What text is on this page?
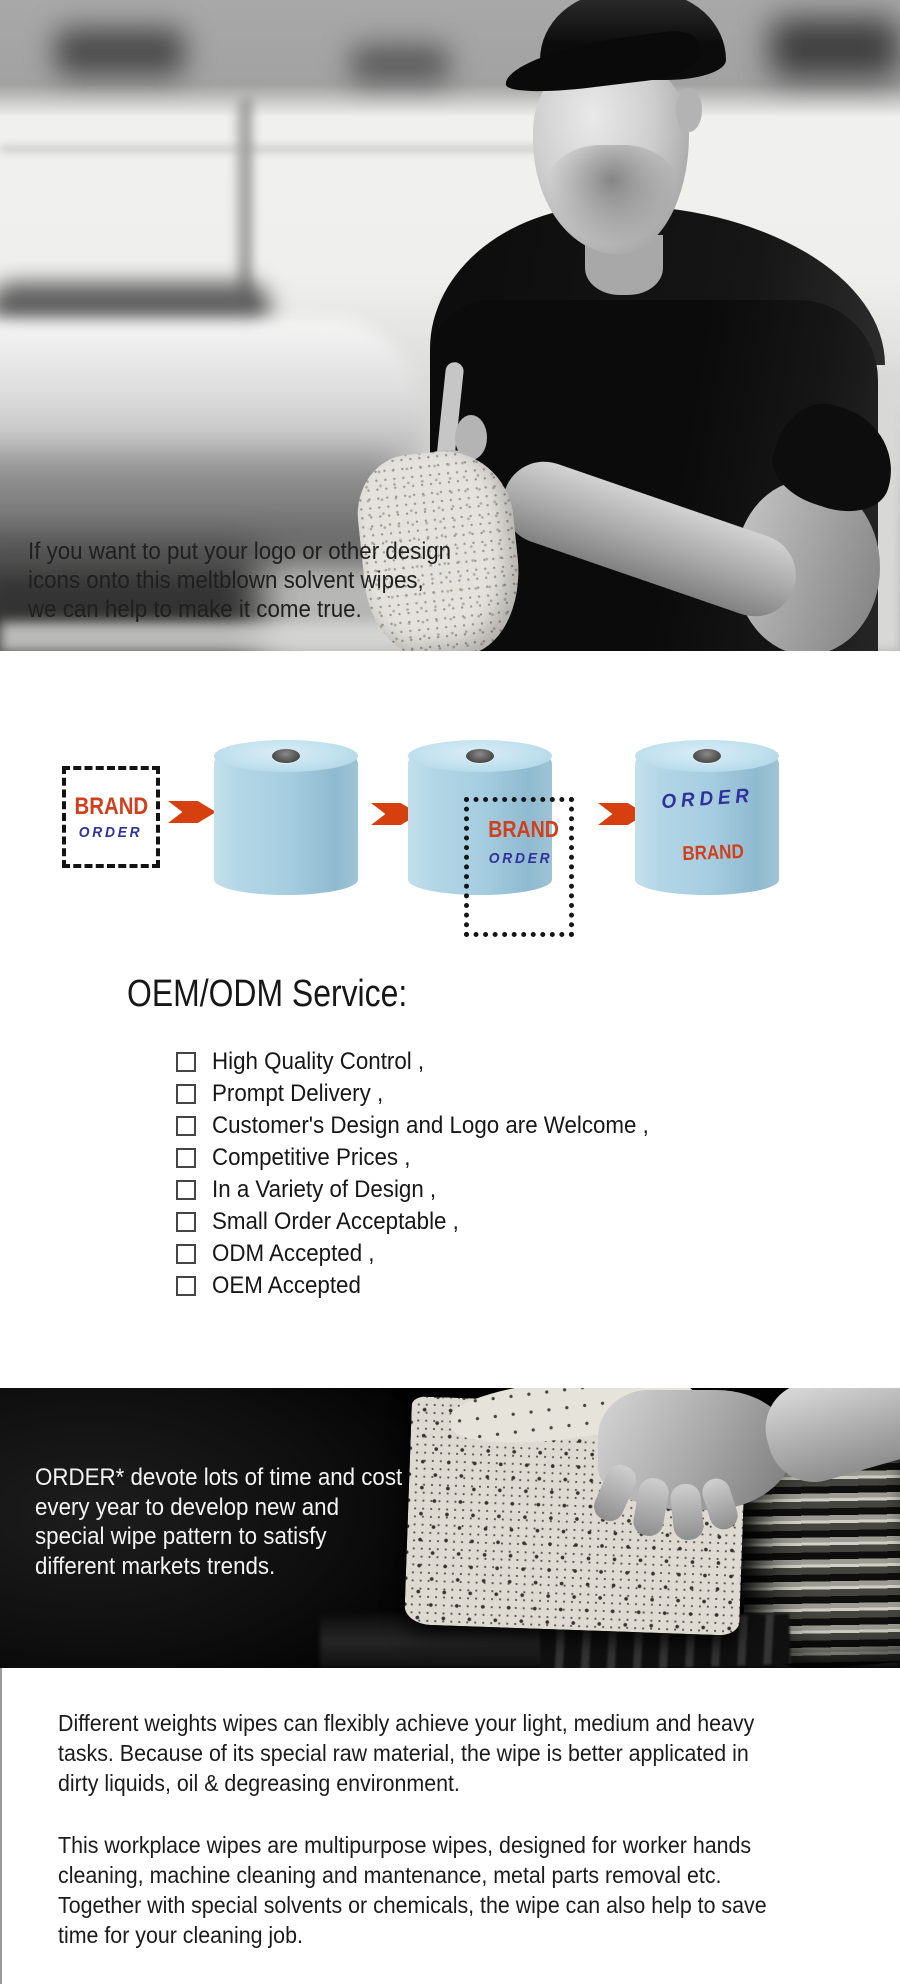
If you want to put your logo or other design
icons onto this meltblown solvent wipes,
we can help to make it come true.
BRAND
ORDER	BRAND
ORDER
ORDER
BRAND
OEM/ODM Service:
High Quality Control ,
Prompt Delivery ,
Customer's Design and Logo are Welcome ,
Competitive Prices ,
In a Variety of Design ,
Small Order Acceptable ,
ODM Accepted ,
OEM Accepted
ORDER* devote lots of time and cost
every year to develop new and
special wipe pattern to satisfy
different markets trends.
Different weights wipes can flexibly achieve your light, medium and heavy
tasks. Because of its special raw material, the wipe is better applicated in
dirty liquids, oil & degreasing environment.
This workplace wipes are multipurpose wipes, designed for worker hands
cleaning, machine cleaning and mantenance, metal parts removal etc.
Together with special solvents or chemicals, the wipe can also help to save
time for your cleaning job.
